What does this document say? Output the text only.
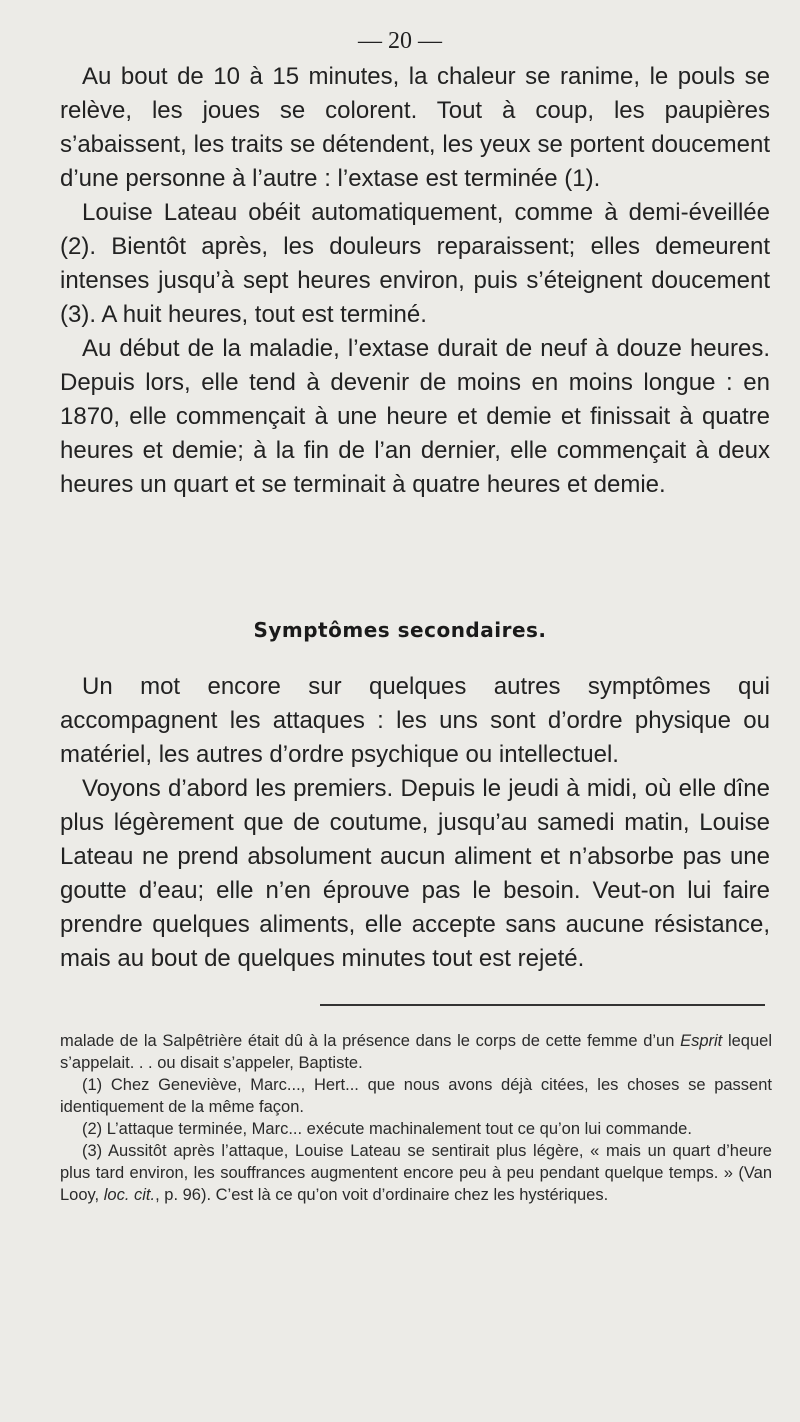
— 20 —

Au bout de 10 à 15 minutes, la chaleur se ranime, le pouls se relève, les joues se colorent. Tout à coup, les paupières s’abaissent, les traits se détendent, les yeux se portent doucement d’une personne à l’autre : l’extase est terminée (1).

Louise Lateau obéit automatiquement, comme à demi-éveillée (2). Bientôt après, les douleurs reparaissent; elles demeurent intenses jusqu’à sept heures environ, puis s’éteignent doucement (3). A huit heures, tout est terminé.

Au début de la maladie, l’extase durait de neuf à douze heures. Depuis lors, elle tend à devenir de moins en moins longue : en 1870, elle commençait à une heure et demie et finissait à quatre heures et demie; à la fin de l’an dernier, elle commençait à deux heures un quart et se terminait à quatre heures et demie.

Symptômes secondaires.

Un mot encore sur quelques autres symptômes qui accompagnent les attaques : les uns sont d’ordre physique ou matériel, les autres d’ordre psychique ou intellectuel.

Voyons d’abord les premiers. Depuis le jeudi à midi, où elle dîne plus légèrement que de coutume, jusqu’au samedi matin, Louise Lateau ne prend absolument aucun aliment et n’absorbe pas une goutte d’eau; elle n’en éprouve pas le besoin. Veut-on lui faire prendre quelques aliments, elle accepte sans aucune résistance, mais au bout de quelques minutes tout est rejeté.

malade de la Salpêtrière était dû à la présence dans le corps de cette femme d’un Esprit lequel s’appelait. . . ou disait s’appeler, Baptiste.

(1) Chez Geneviève, Marc..., Hert... que nous avons déjà citées, les choses se passent identiquement de la même façon.

(2) L’attaque terminée, Marc... exécute machinalement tout ce qu’on lui commande.

(3) Aussitôt après l’attaque, Louise Lateau se sentirait plus légère, « mais un quart d’heure plus tard environ, les souffrances augmentent encore peu à peu pendant quelque temps. » (Van Looy, loc. cit., p. 96). C’est là ce qu’on voit d’ordinaire chez les hystériques.
